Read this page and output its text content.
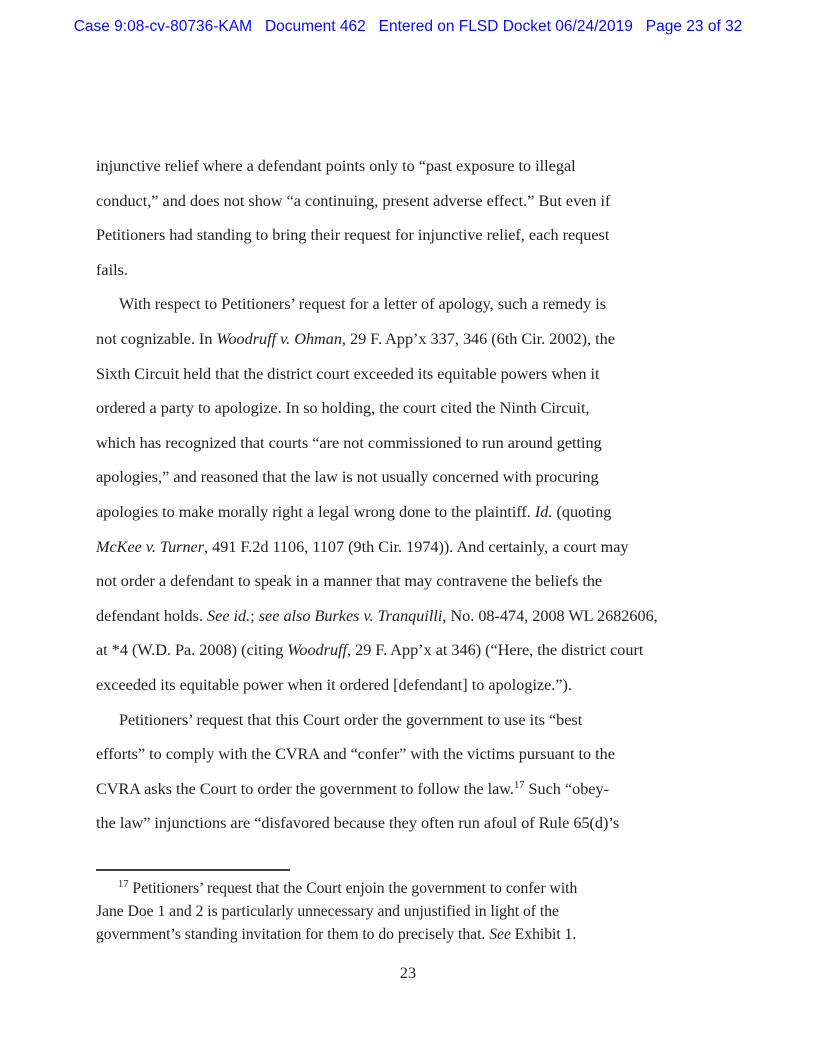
Case 9:08-cv-80736-KAM   Document 462   Entered on FLSD Docket 06/24/2019   Page 23 of 32
injunctive relief where a defendant points only to “past exposure to illegal
conduct,” and does not show “a continuing, present adverse effect.” But even if
Petitioners had standing to bring their request for injunctive relief, each request
fails.
With respect to Petitioners’ request for a letter of apology, such a remedy is
not cognizable. In Woodruff v. Ohman, 29 F. App’x 337, 346 (6th Cir. 2002), the
Sixth Circuit held that the district court exceeded its equitable powers when it
ordered a party to apologize. In so holding, the court cited the Ninth Circuit,
which has recognized that courts “are not commissioned to run around getting
apologies,” and reasoned that the law is not usually concerned with procuring
apologies to make morally right a legal wrong done to the plaintiff. Id. (quoting
McKee v. Turner, 491 F.2d 1106, 1107 (9th Cir. 1974)). And certainly, a court may
not order a defendant to speak in a manner that may contravene the beliefs the
defendant holds. See id.; see also Burkes v. Tranquilli, No. 08-474, 2008 WL 2682606,
at *4 (W.D. Pa. 2008) (citing Woodruff, 29 F. App’x at 346) (“Here, the district court
exceeded its equitable power when it ordered [defendant] to apologize.”).
Petitioners’ request that this Court order the government to use its “best
efforts” to comply with the CVRA and “confer” with the victims pursuant to the
CVRA asks the Court to order the government to follow the law.$^{17}$ Such “obey-
the law” injunctions are “disfavored because they often run afoul of Rule 65(d)’s
$^{17}$ Petitioners’ request that the Court enjoin the government to confer with
Jane Doe 1 and 2 is particularly unnecessary and unjustified in light of the
government’s standing invitation for them to do precisely that. See Exhibit 1.
23
